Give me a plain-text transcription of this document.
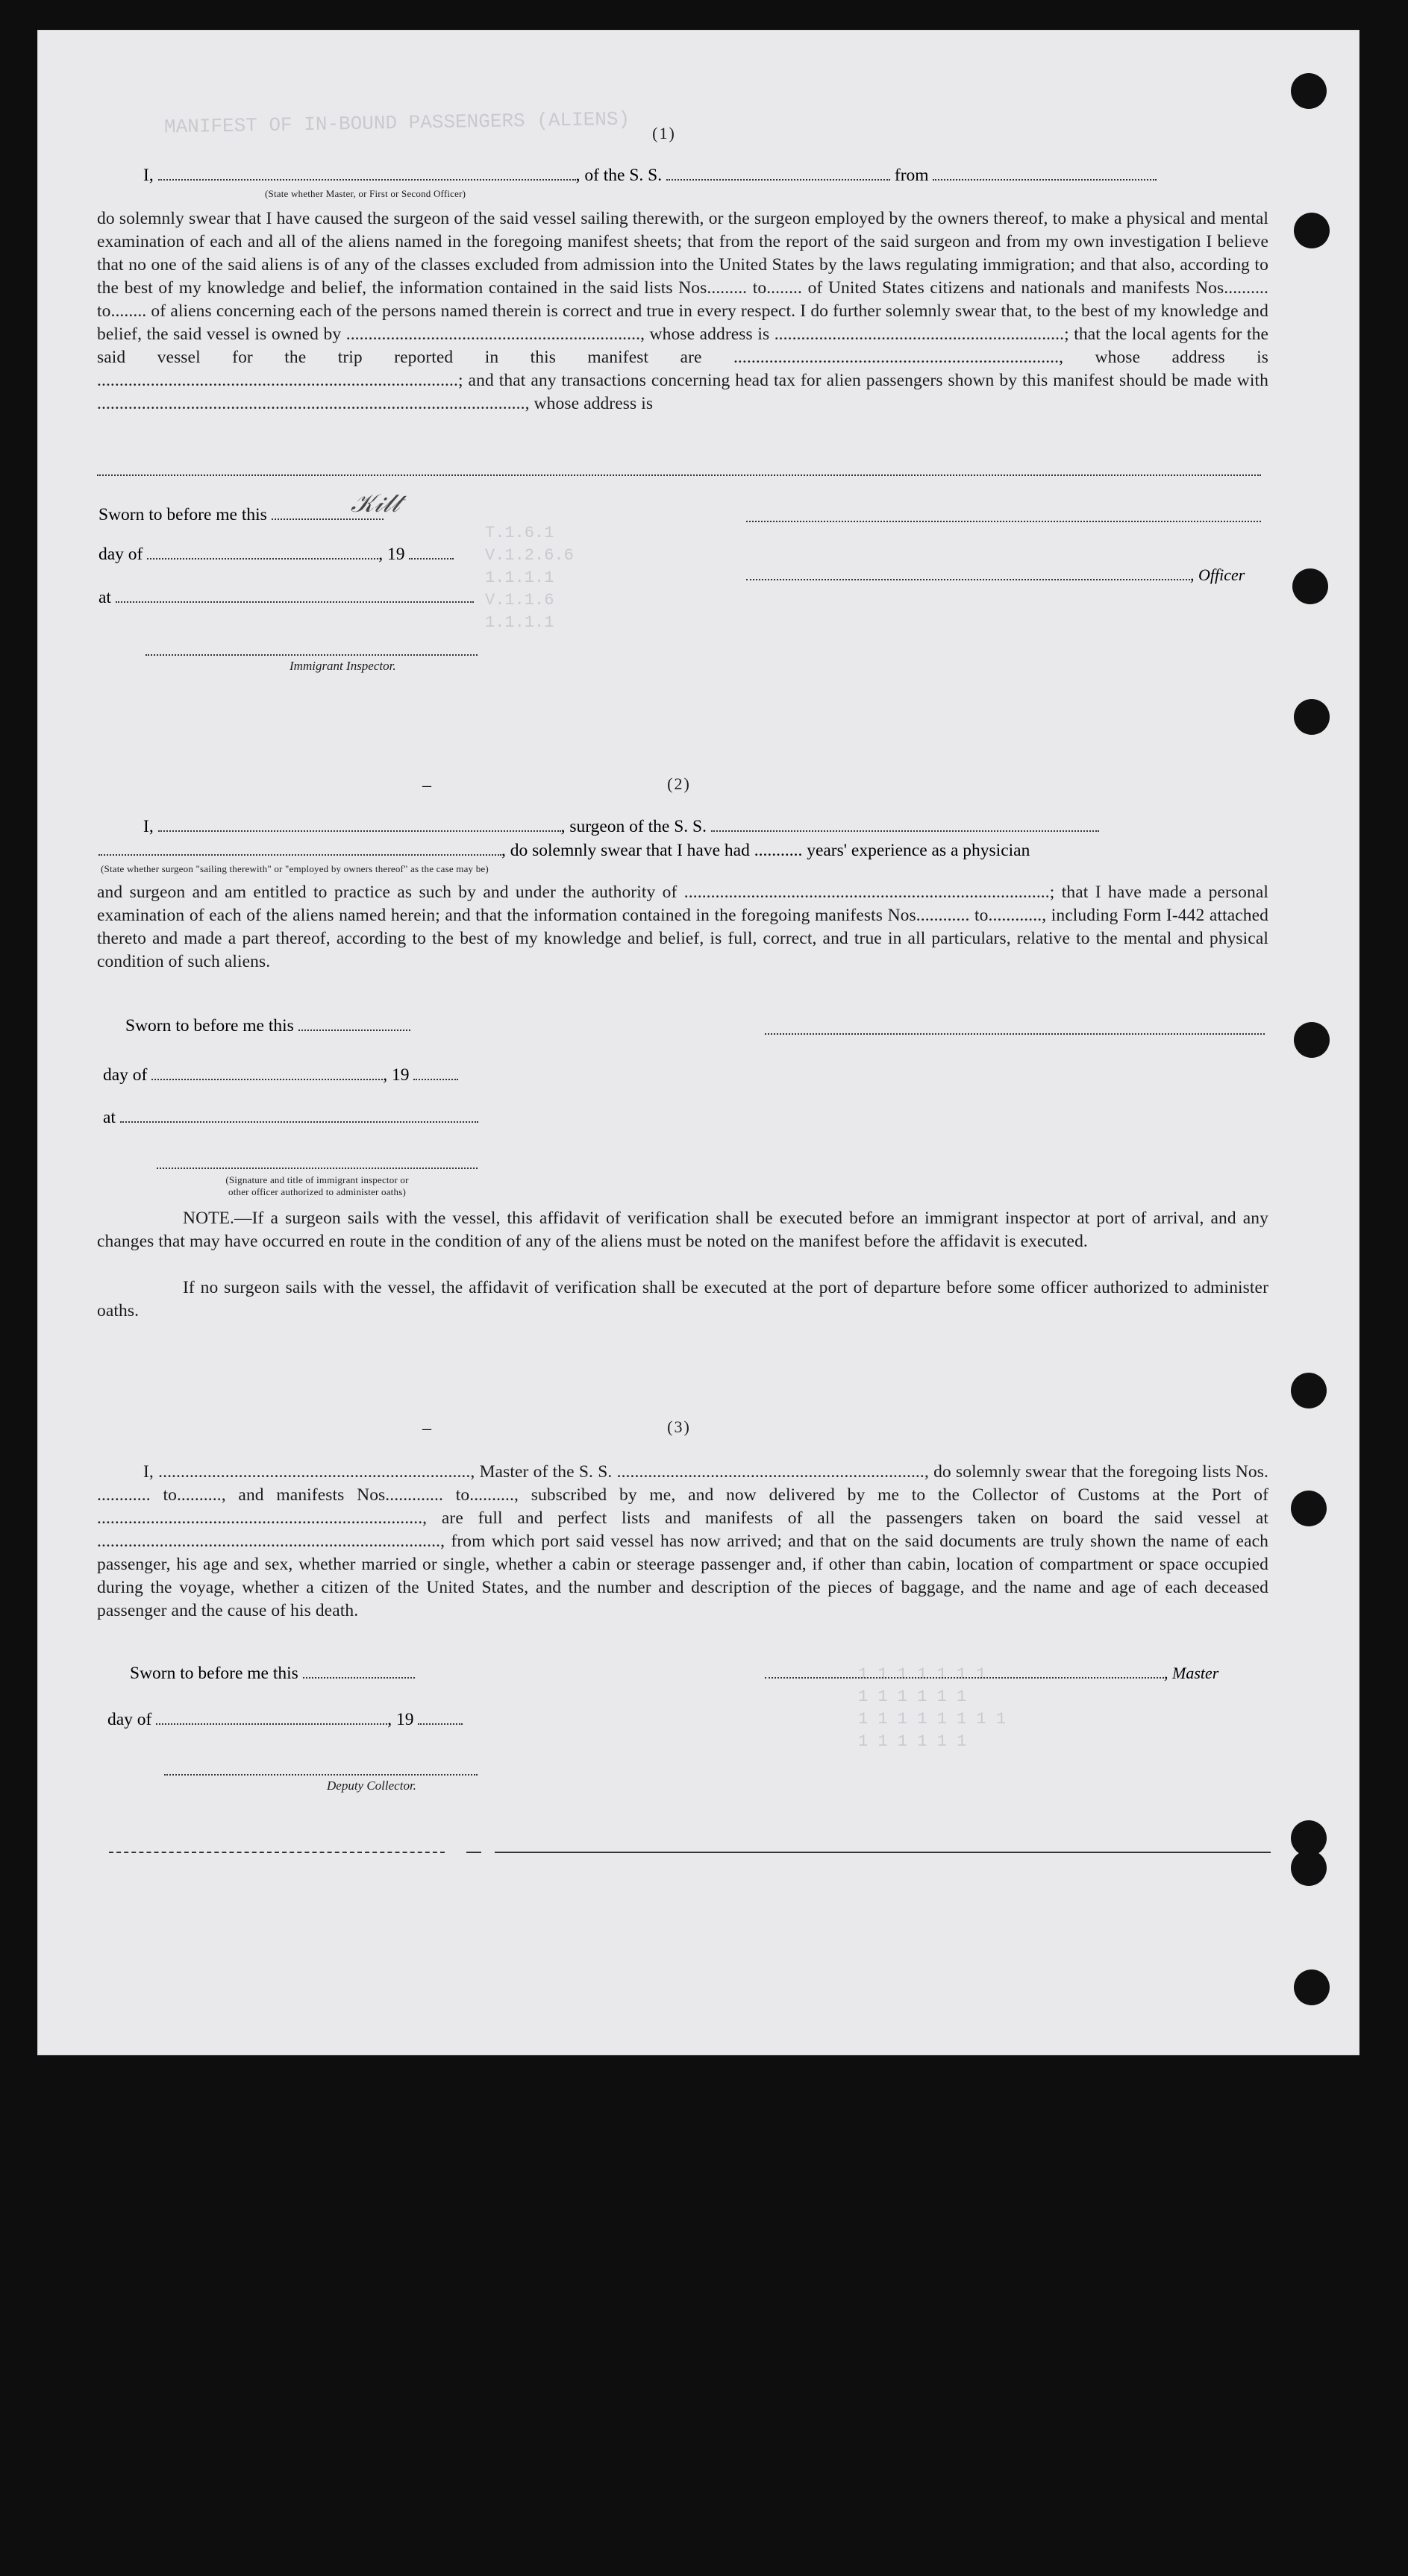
MANIFEST OF IN-BOUND PASSENGERS (ALIENS)
T.1.6.1
V.1.2.6.6
1.1.1.1
V.1.1.6
1.1.1.1
1 1 1 1 1 1 1
1 1 1 1 1 1
1 1 1 1 1 1 1 1
1 1 1 1 1 1
(1)
I,	, of the S. S.	from
(State whether Master, or First or Second Officer)
do solemnly swear that I have caused the surgeon of the said vessel sailing therewith, or the surgeon employed by the owners thereof, to make a physical and mental examination of each and all of the aliens named in the foregoing manifest sheets; that from the report of the said surgeon and from my own investigation I believe that no one of the said aliens is of any of the classes excluded from admission into the United States by the laws regulating immigration; and that also, according to the best of my knowledge and belief, the information contained in the said lists Nos......... to........ of United States citizens and nationals and manifests Nos.......... to........ of aliens concerning each of the persons named therein is correct and true in every respect. I do further solemnly swear that, to the best of my knowledge and belief, the said vessel is owned by .................................................................., whose address is .................................................................; that the local agents for the said vessel for the trip reported in this manifest are ........................................................................., whose address is .................................................................................; and that any transactions concerning head tax for alien passengers shown by this manifest should be made with ................................................................................................, whose address is
Sworn to before me this	𝒦𝒾𝓁𝓉
day of	, 19
, Officer
at
Immigrant Inspector.
–	(2)
I,	, surgeon of the S. S.
, do solemnly swear that I have had ........... years' experience as a physician
(State whether surgeon "sailing therewith" or "employed by owners thereof" as the case may be)
and surgeon and am entitled to practice as such by and under the authority of ..................................................................................; that I have made a personal examination of each of the aliens named herein; and that the information contained in the foregoing manifests Nos............ to............, including Form I-442 attached thereto and made a part thereof, according to the best of my knowledge and belief, is full, correct, and true in all particulars, relative to the mental and physical condition of such aliens.
Sworn to before me this
day of	, 19
at
(Signature and title of immigrant inspector or
other officer authorized to administer oaths)
NOTE.—If a surgeon sails with the vessel, this affidavit of verification shall be executed before an immigrant inspector at port of arrival, and any changes that may have occurred en route in the condition of any of the aliens must be noted on the manifest before the affidavit is executed.
If no surgeon sails with the vessel, the affidavit of verification shall be executed at the port of departure before some officer authorized to administer oaths.
–	(3)
I, ......................................................................, Master of the S. S. ....................................................................., do solemnly swear that the foregoing lists Nos. ............ to.........., and manifests Nos............. to.........., subscribed by me, and now delivered by me to the Collector of Customs at the Port of ........................................................................., are full and perfect lists and manifests of all the passengers taken on board the said vessel at ............................................................................., from which port said vessel has now arrived; and that on the said documents are truly shown the name of each passenger, his age and sex, whether married or single, whether a cabin or steerage passenger and, if other than cabin, location of compartment or space occupied during the voyage, whether a citizen of the United States, and the number and description of the pieces of baggage, and the name and age of each deceased passenger and the cause of his death.
Sworn to before me this	, Master
day of	, 19
Deputy Collector.
